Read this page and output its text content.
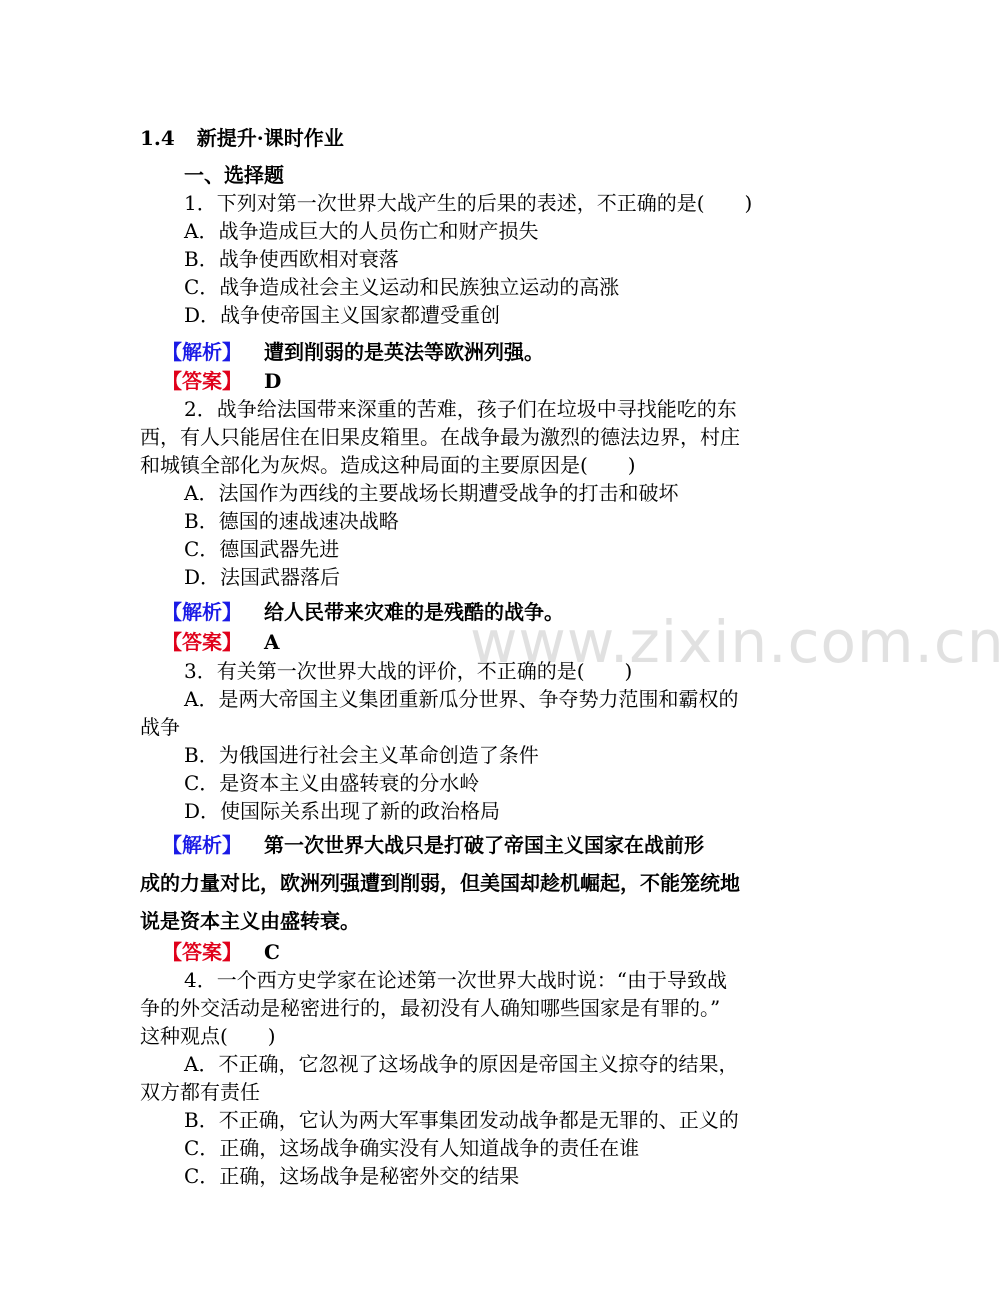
1.4 新提升·课时作业
一、选择题
1．下列对第一次世界大战产生的后果的表述，不正确的是(　　)
A．战争造成巨大的人员伤亡和财产损失
B．战争使西欧相对衰落
C．战争造成社会主义运动和民族独立运动的高涨
D．战争使帝国主义国家都遭受重创
【解析】 遭到削弱的是英法等欧洲列强。
【答案】 D
2．战争给法国带来深重的苦难，孩子们在垃圾中寻找能吃的东
西，有人只能居住在旧果皮箱里。在战争最为激烈的德法边界，村庄
和城镇全部化为灰烬。造成这种局面的主要原因是(　　)
A．法国作为西线的主要战场长期遭受战争的打击和破坏
B．德国的速战速决战略
C．德国武器先进
D．法国武器落后
【解析】 给人民带来灾难的是残酷的战争。
【答案】 A
3．有关第一次世界大战的评价，不正确的是(　　)
A．是两大帝国主义集团重新瓜分世界、争夺势力范围和霸权的
战争
B．为俄国进行社会主义革命创造了条件
C．是资本主义由盛转衰的分水岭
D．使国际关系出现了新的政治格局
【解析】 第一次世界大战只是打破了帝国主义国家在战前形
成的力量对比，欧洲列强遭到削弱，但美国却趁机崛起，不能笼统地
说是资本主义由盛转衰。
【答案】 C
4．一个西方史学家在论述第一次世界大战时说：“由于导致战
争的外交活动是秘密进行的，最初没有人确知哪些国家是有罪的。”
这种观点(　　)
A．不正确，它忽视了这场战争的原因是帝国主义掠夺的结果，
双方都有责任
B．不正确，它认为两大军事集团发动战争都是无罪的、正义的
C．正确，这场战争确实没有人知道战争的责任在谁
C．正确，这场战争是秘密外交的结果
www.zixin.com.cn
